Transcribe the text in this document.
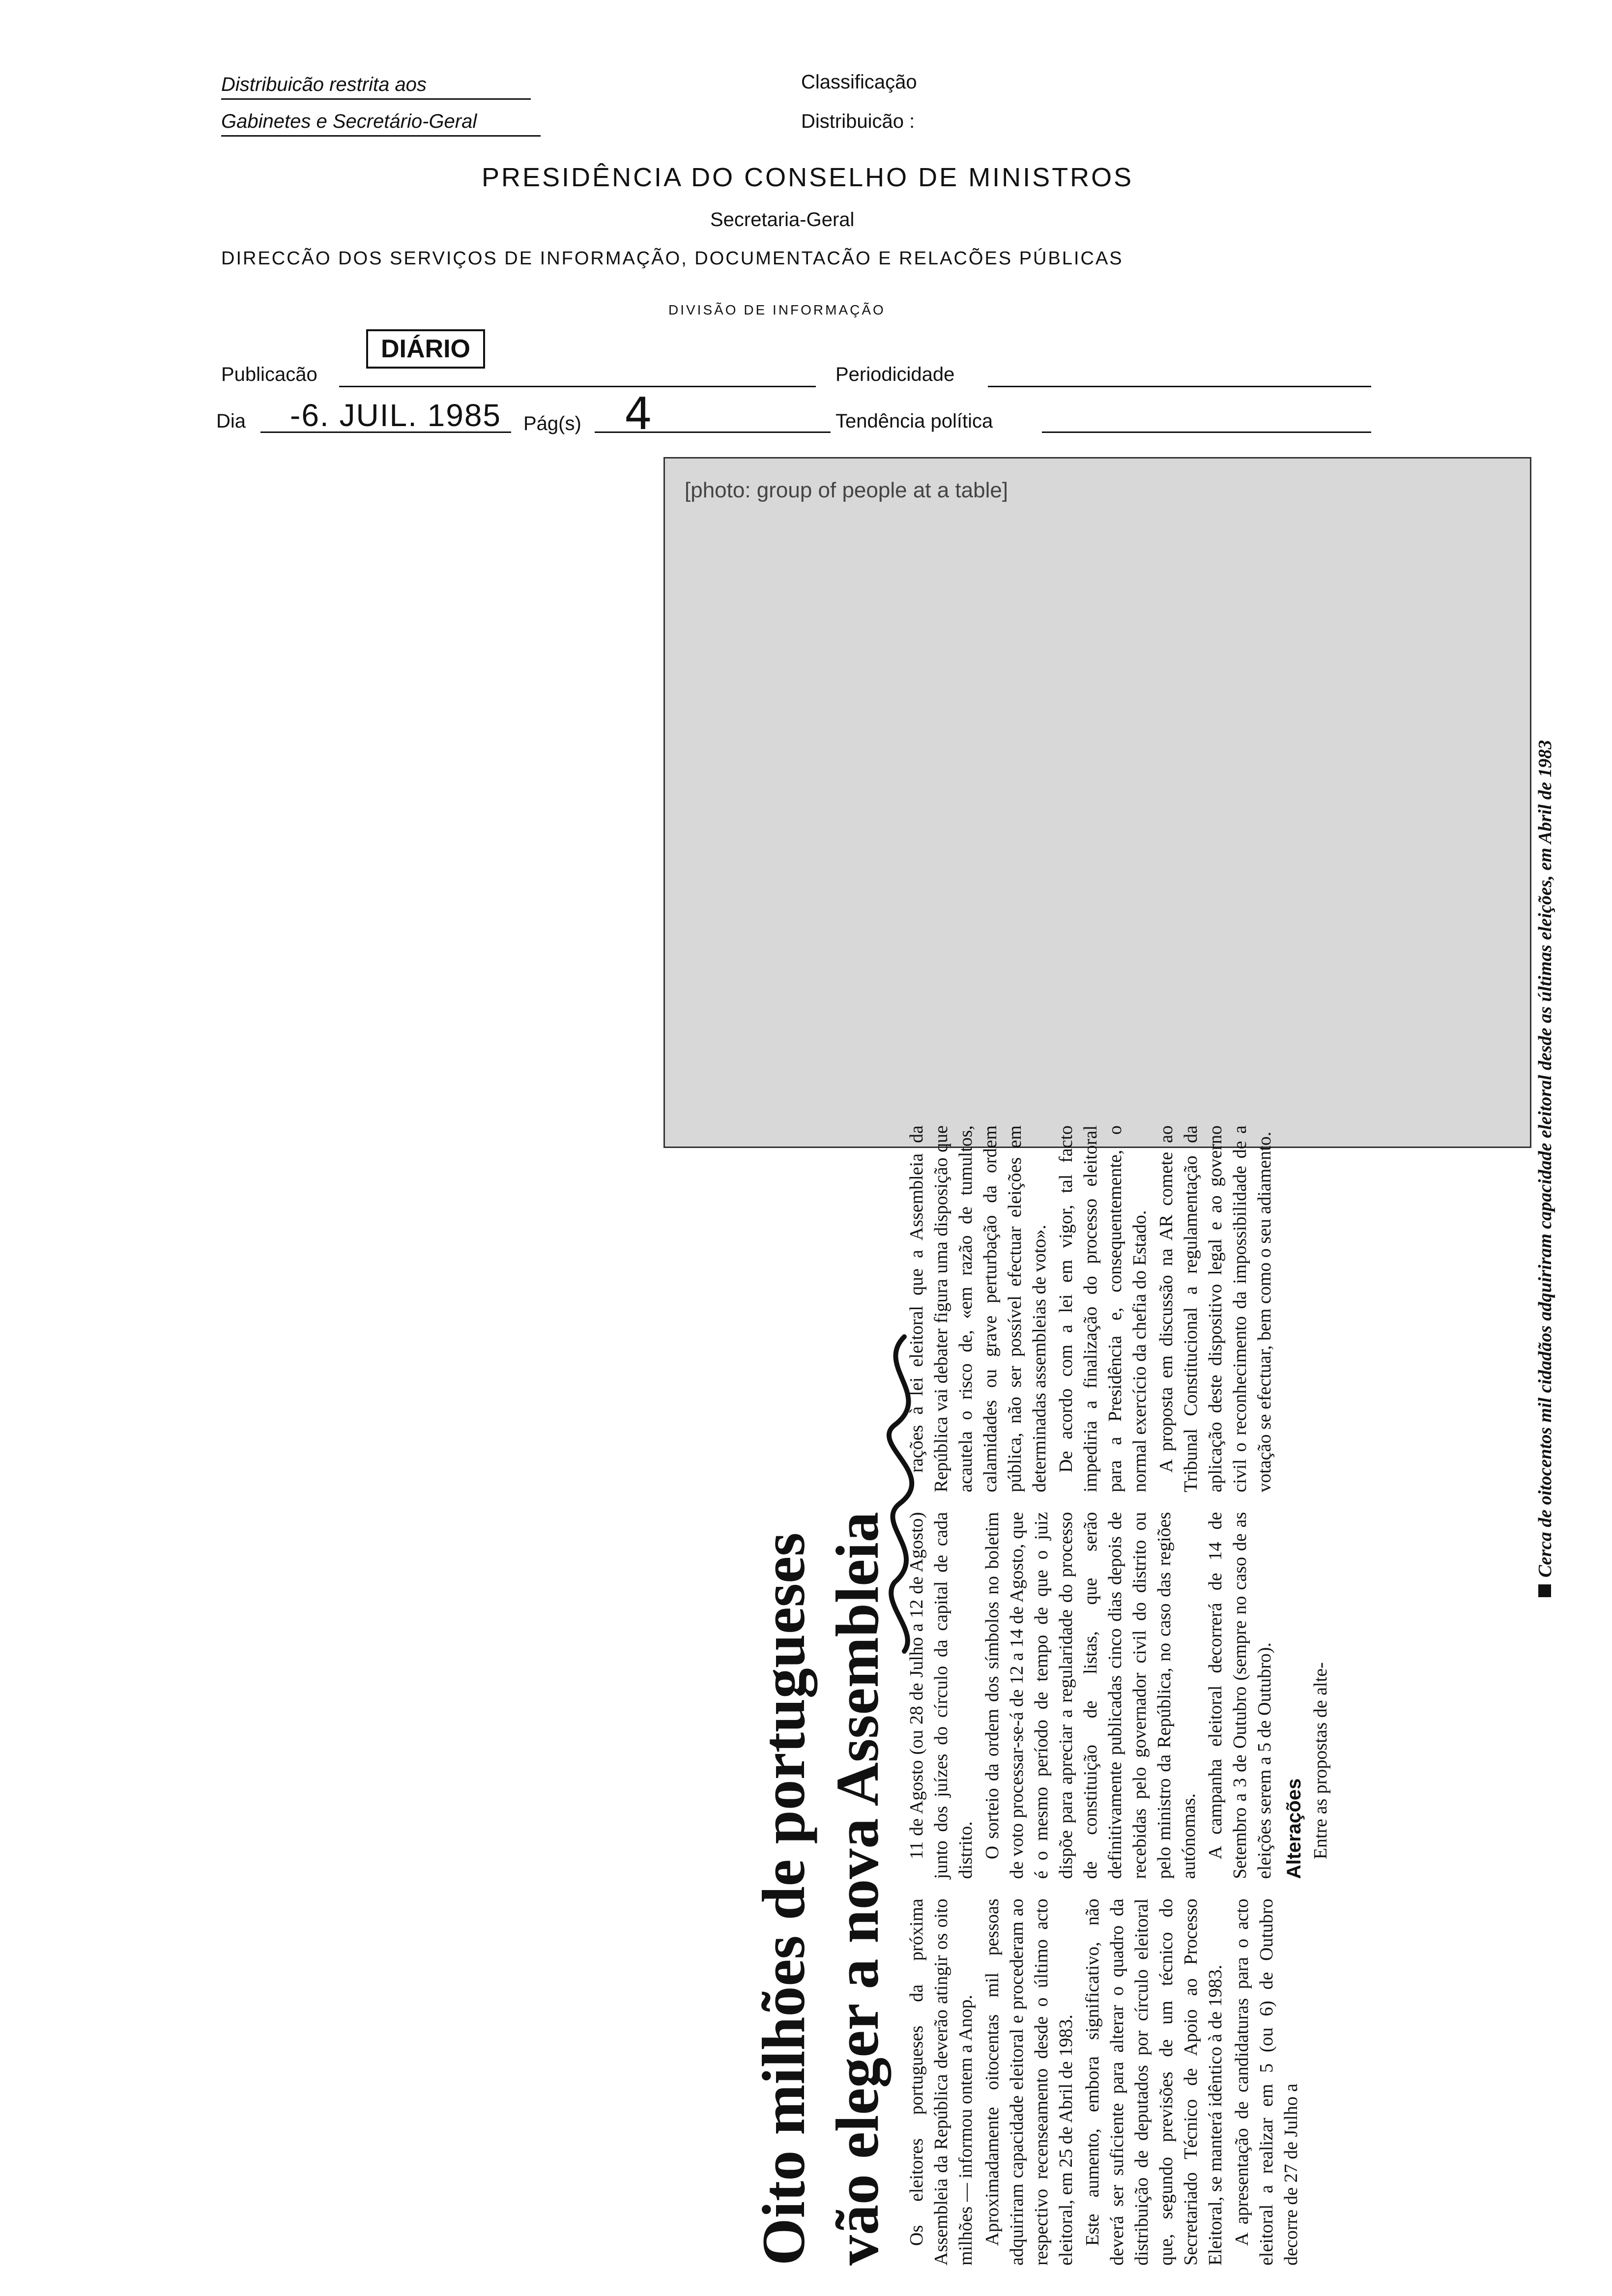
Distribuicão restrita aos
Gabinetes e Secretário-Geral
Classificação
Distribuicão :
PRESIDÊNCIA DO CONSELHO DE MINISTROS
Secretaria-Geral
DIRECCÃO DOS SERVIÇOS DE INFORMAÇÃO, DOCUMENTACÃO E RELACÕES PÚBLICAS
DIVISÃO DE INFORMAÇÃO
Publicacão
DIÁRIO
Periodicidade
Dia -6. JUIL. 1985 Pág(s) 4	Tendência política
[photo: group of people at a table]
Cerca de oitocentos mil cidadãos adquiriram capacidade eleitoral desde as últimas eleições, em Abril de 1983
Oito milhões de portugueses vão eleger a nova Assembleia Os eleitores portugueses da próxima Assembleia da República deverão atingir os oito milhões — informou ontem a Anop. Aproximadamente oitocentas mil pessoas adquiriram capacidade eleitoral e procederam ao respectivo recenseamento desde o último acto eleitoral, em 25 de Abril de 1983. Este aumento, embora significativo, não deverá ser suficiente para alterar o quadro da distribuição de deputados por círculo eleitoral que, segundo previsões de um técnico do Secretariado Técnico de Apoio ao Processo Eleitoral, se manterá idêntico à de 1983. A apresentação de candidaturas para o acto eleitoral a realizar em 5 (ou 6) de Outubro decorre de 27 de Julho a

11 de Agosto (ou 28 de Julho a 12 de Agosto) junto dos juízes do círculo da capital de cada distrito. O sorteio da ordem dos símbolos no boletim de voto processar-se-á de 12 a 14 de Agosto, que é o mesmo período de tempo de que o juiz dispõe para apreciar a regularidade do processo de constituição de listas, que serão definitivamente publicadas cinco dias depois de recebidas pelo governador civil do distrito ou pelo ministro da República, no caso das regiões autónomas. A campanha eleitoral decorrerá de 14 de Setembro a 3 de Outubro (sempre no caso de as eleições serem a 5 de Outubro). Alterações Entre as propostas de alte-

rações à lei eleitoral que a Assembleia da República vai debater figura uma disposição que acautela o risco de, «em razão de tumultos, calamidades ou grave perturbação da ordem pública, não ser possível efectuar eleições em determinadas assembleias de voto». De acordo com a lei em vigor, tal facto impediria a finalização do processo eleitoral para a Presidência e, consequentemente, o normal exercício da chefia do Estado. A proposta em discussão na AR comete ao Tribunal Constitucional a regulamentação da aplicação deste dispositivo legal e ao governo civil o reconhecimento da impossibilidade de a votação se efectuar, bem como o seu adiamento.
